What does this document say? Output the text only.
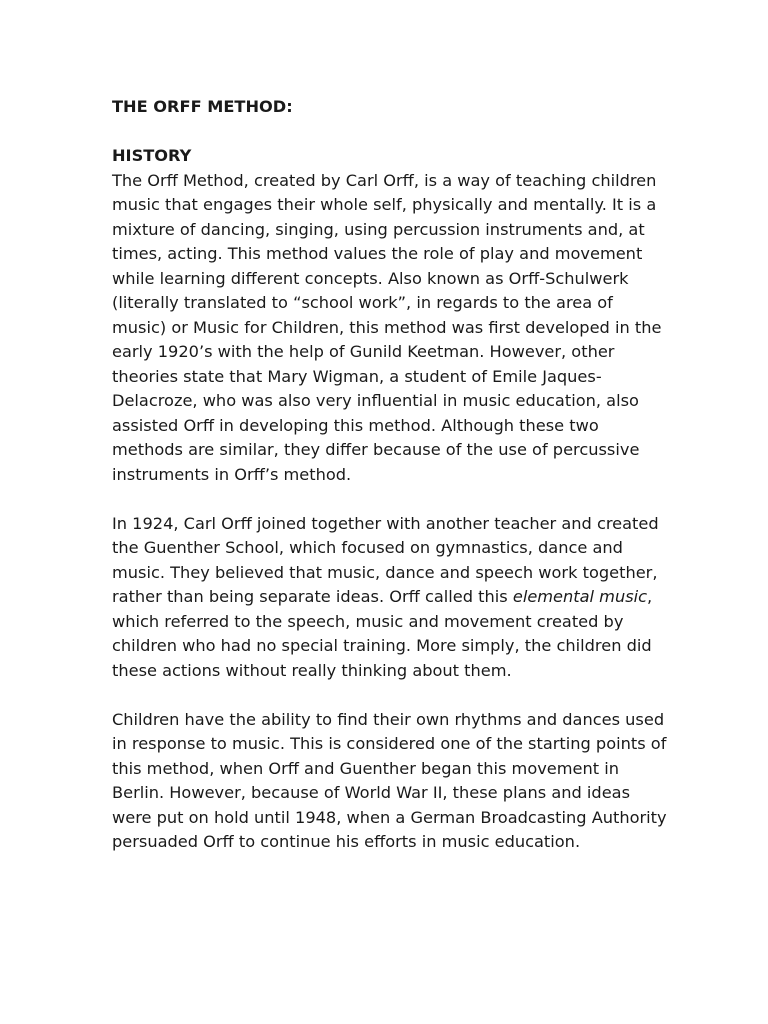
THE ORFF METHOD:
HISTORY

The Orff Method, created by Carl Orff, is a way of teaching children music that engages their whole self, physically and mentally. It is a mixture of dancing, singing, using percussion instruments and, at times, acting. This method values the role of play and movement while learning different concepts. Also known as Orff-Schulwerk (literally translated to “school work”, in regards to the area of music) or Music for Children, this method was first developed in the early 1920’s with the help of Gunild Keetman. However, other theories state that Mary Wigman, a student of Emile Jaques-Delacroze, who was also very influential in music education, also assisted Orff in developing this method. Although these two methods are similar, they differ because of the use of percussive instruments in Orff’s method.

In 1924, Carl Orff joined together with another teacher and created the Guenther School, which focused on gymnastics, dance and music. They believed that music, dance and speech work together, rather than being separate ideas. Orff called this elemental music, which referred to the speech, music and movement created by children who had no special training. More simply, the children did these actions without really thinking about them.

Children have the ability to find their own rhythms and dances used in response to music. This is considered one of the starting points of this method, when Orff and Guenther began this movement in Berlin. However, because of World War II, these plans and ideas were put on hold until 1948, when a German Broadcasting Authority persuaded Orff to continue his efforts in music education.
